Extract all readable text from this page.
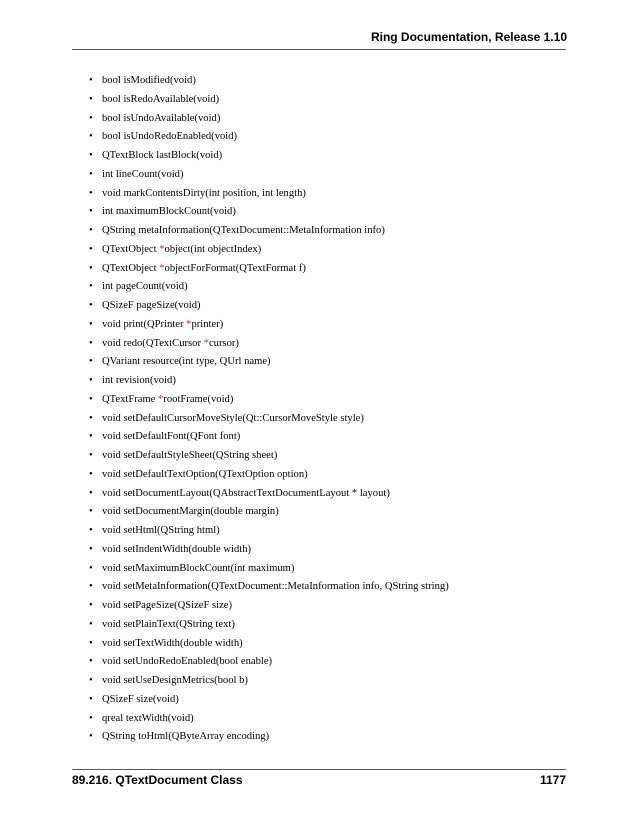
Ring Documentation, Release 1.10
• bool isModified(void)
• bool isRedoAvailable(void)
• bool isUndoAvailable(void)
• bool isUndoRedoEnabled(void)
• QTextBlock lastBlock(void)
• int lineCount(void)
• void markContentsDirty(int position, int length)
• int maximumBlockCount(void)
• QString metaInformation(QTextDocument::MetaInformation info)
• QTextObject *object(int objectIndex)
• QTextObject *objectForFormat(QTextFormat f)
• int pageCount(void)
• QSizeF pageSize(void)
• void print(QPrinter *printer)
• void redo(QTextCursor *cursor)
• QVariant resource(int type, QUrl name)
• int revision(void)
• QTextFrame *rootFrame(void)
• void setDefaultCursorMoveStyle(Qt::CursorMoveStyle style)
• void setDefaultFont(QFont font)
• void setDefaultStyleSheet(QString sheet)
• void setDefaultTextOption(QTextOption option)
• void setDocumentLayout(QAbstractTextDocumentLayout * layout)
• void setDocumentMargin(double margin)
• void setHtml(QString html)
• void setIndentWidth(double width)
• void setMaximumBlockCount(int maximum)
• void setMetaInformation(QTextDocument::MetaInformation info, QString string)
• void setPageSize(QSizeF size)
• void setPlainText(QString text)
• void setTextWidth(double width)
• void setUndoRedoEnabled(bool enable)
• void setUseDesignMetrics(bool b)
• QSizeF size(void)
• qreal textWidth(void)
• QString toHtml(QByteArray encoding)
89.216. QTextDocument Class	1177
